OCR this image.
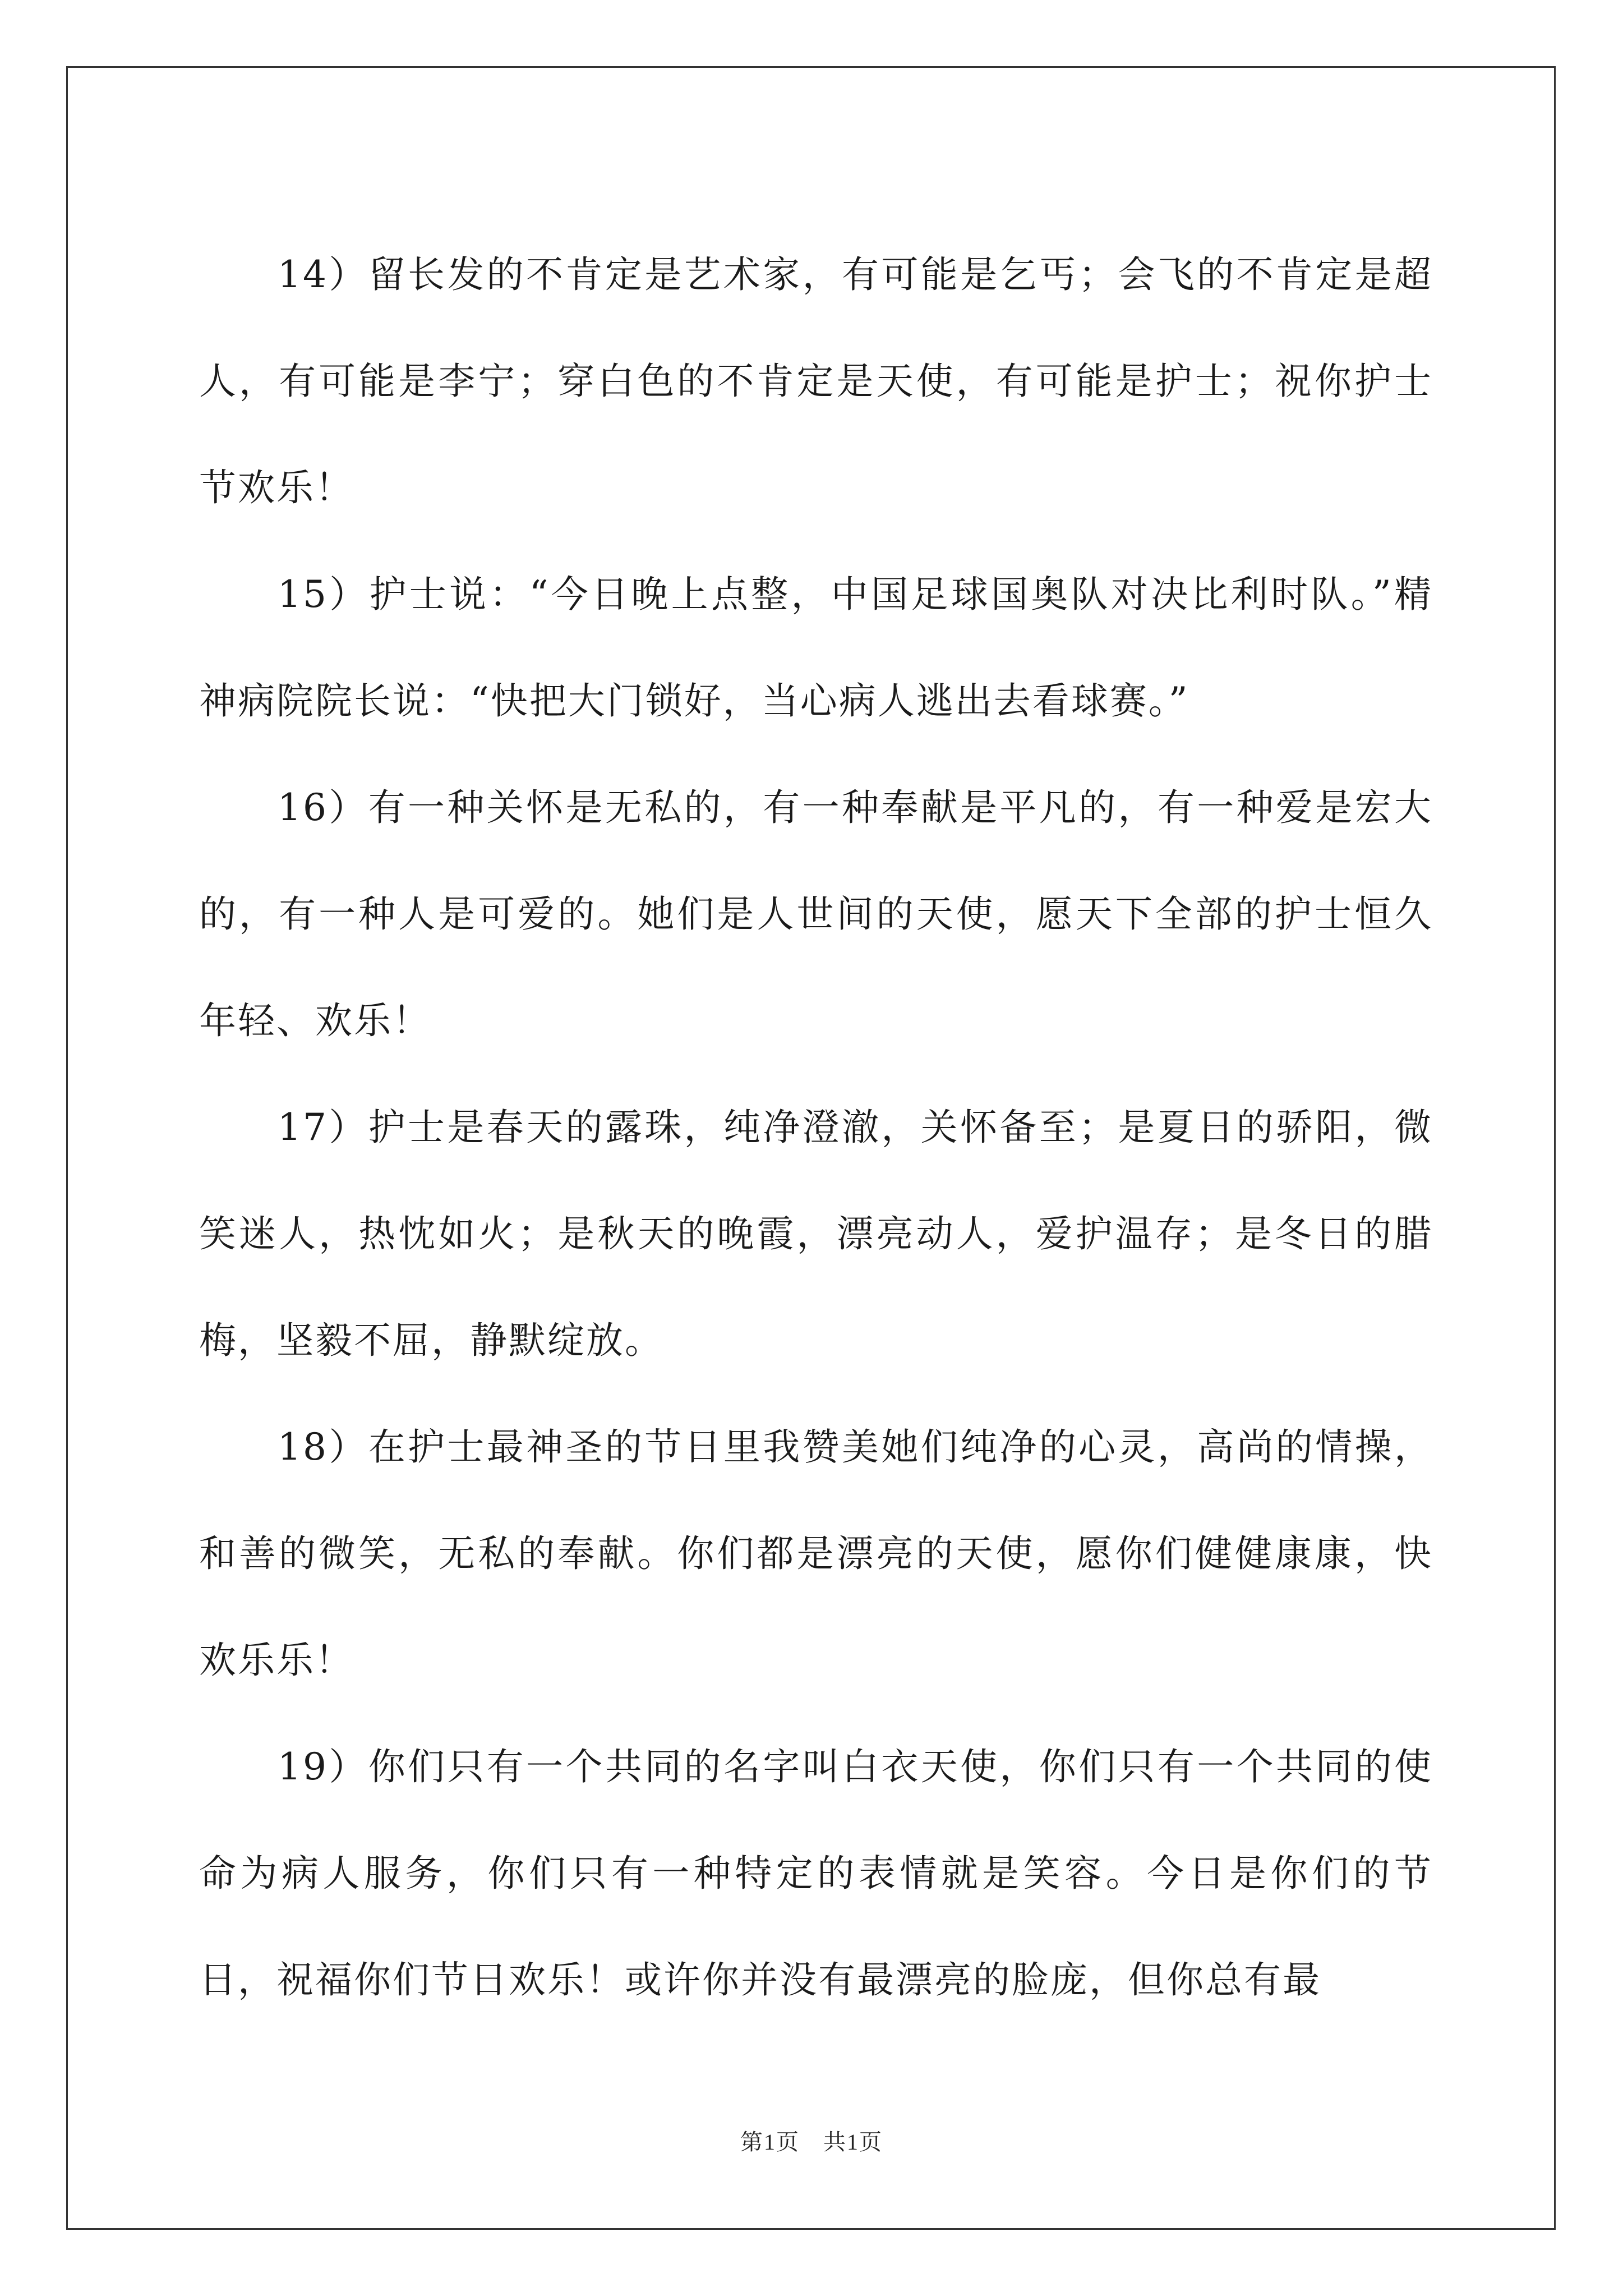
14）留长发的不肯定是艺术家，有可能是乞丐；会飞的不肯定是超人，有可能是李宁；穿白色的不肯定是天使，有可能是护士；祝你护士节欢乐！

15）护士说：“今日晚上点整，中国足球国奥队对决比利时队。”精神病院院长说：“快把大门锁好，当心病人逃出去看球赛。”

16）有一种关怀是无私的，有一种奉献是平凡的，有一种爱是宏大的，有一种人是可爱的。她们是人世间的天使，愿天下全部的护士恒久年轻、欢乐！

17）护士是春天的露珠，纯净澄澈，关怀备至；是夏日的骄阳，微笑迷人，热忱如火；是秋天的晚霞，漂亮动人，爱护温存；是冬日的腊梅，坚毅不屈，静默绽放。

18）在护士最神圣的节日里我赞美她们纯净的心灵，高尚的情操，和善的微笑，无私的奉献。你们都是漂亮的天使，愿你们健健康康，快欢乐乐！

19）你们只有一个共同的名字叫白衣天使，你们只有一个共同的使命为病人服务，你们只有一种特定的表情就是笑容。今日是你们的节日，祝福你们节日欢乐！或许你并没有最漂亮的脸庞，但你总有最

第1页　共1页
